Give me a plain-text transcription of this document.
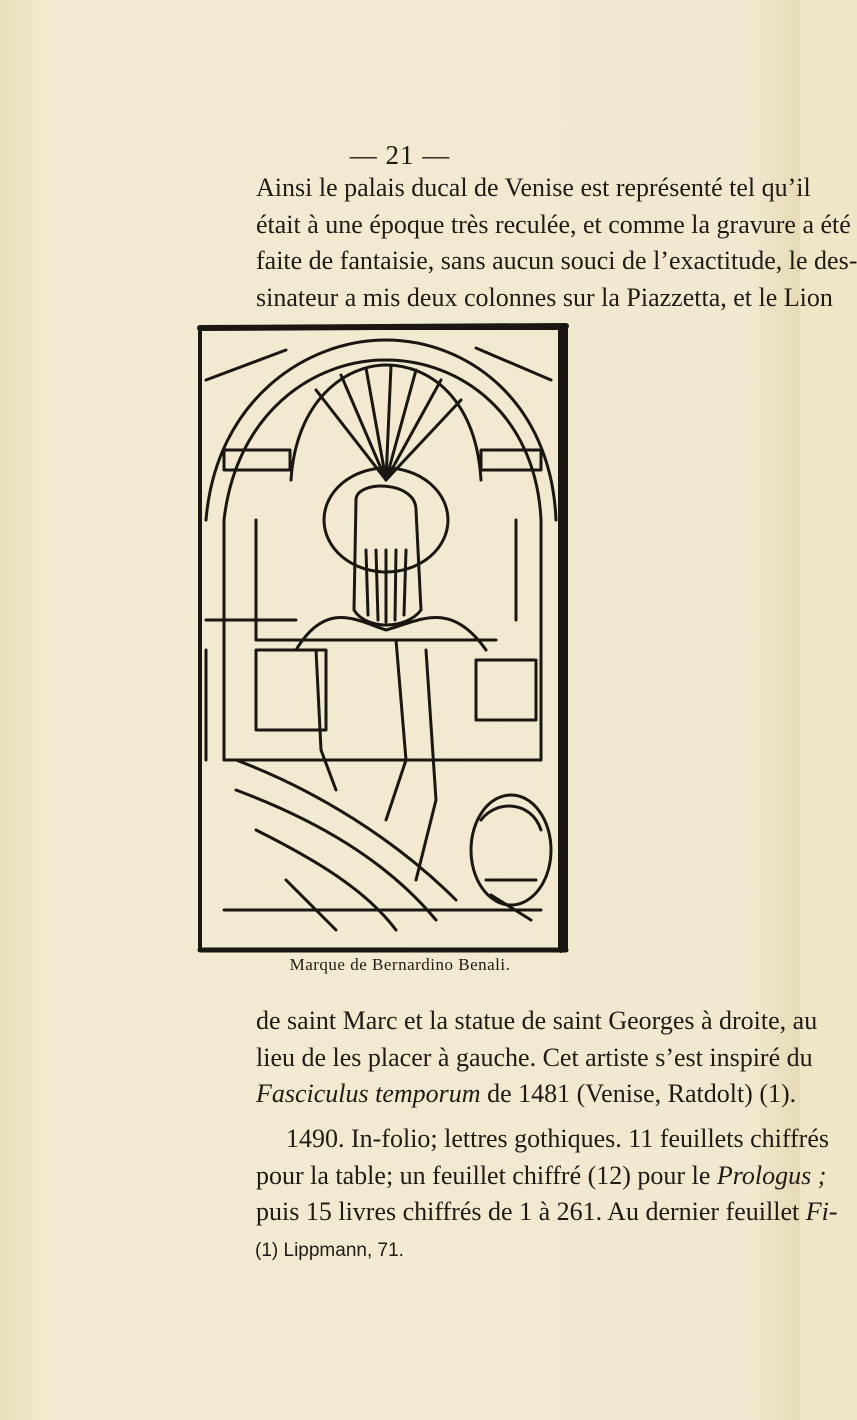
— 21 —
Ainsi le palais ducal de Venise est représenté tel qu’il
était à une époque très reculée, et comme la gravure a été
faite de fantaisie, sans aucun souci de l’exactitude, le des-
sinateur a mis deux colonnes sur la Piazzetta, et le Lion
Marque de Bernardino Benali.
de saint Marc et la statue de saint Georges à droite, au
lieu de les placer à gauche. Cet artiste s’est inspiré du
Fasciculus temporum de 1481 (Venise, Ratdolt) (1).
1490. In-folio; lettres gothiques. 11 feuillets chiffrés
pour la table; un feuillet chiffré (12) pour le Prologus ;
puis 15 livres chiffrés de 1 à 261. Au dernier feuillet Fi-
(1) Lippmann, 71.
